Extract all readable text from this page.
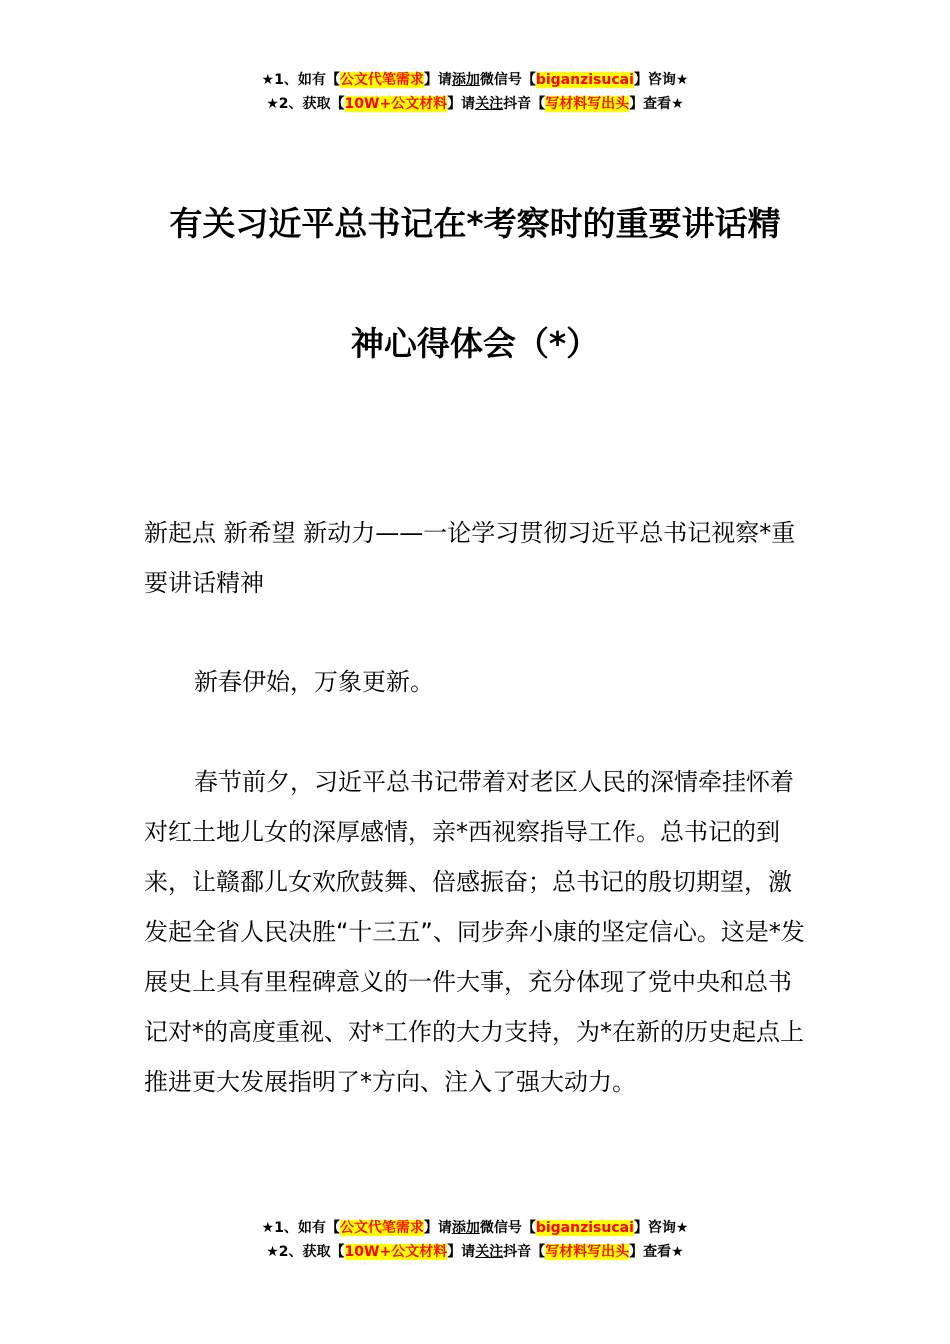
★1、如有【公文代笔需求】请添加微信号【biganzisucai】咨询★
★2、获取【10W+公文材料】请关注抖音【写材料写出头】查看★
有关习近平总书记在*考察时的重要讲话精
神心得体会（*）
新起点 新希望 新动力——一论学习贯彻习近平总书记视察*重要讲话精神
新春伊始，万象更新。
春节前夕，习近平总书记带着对老区人民的深情牵挂怀着对红土地儿女的深厚感情，亲*西视察指导工作。总书记的到来，让赣鄱儿女欢欣鼓舞、倍感振奋；总书记的殷切期望，激发起全省人民决胜“十三五”、同步奔小康的坚定信心。这是*发展史上具有里程碑意义的一件大事，充分体现了党中央和总书记对*的高度重视、对*工作的大力支持，为*在新的历史起点上推进更大发展指明了*方向、注入了强大动力。
★1、如有【公文代笔需求】请添加微信号【biganzisucai】咨询★
★2、获取【10W+公文材料】请关注抖音【写材料写出头】查看★
